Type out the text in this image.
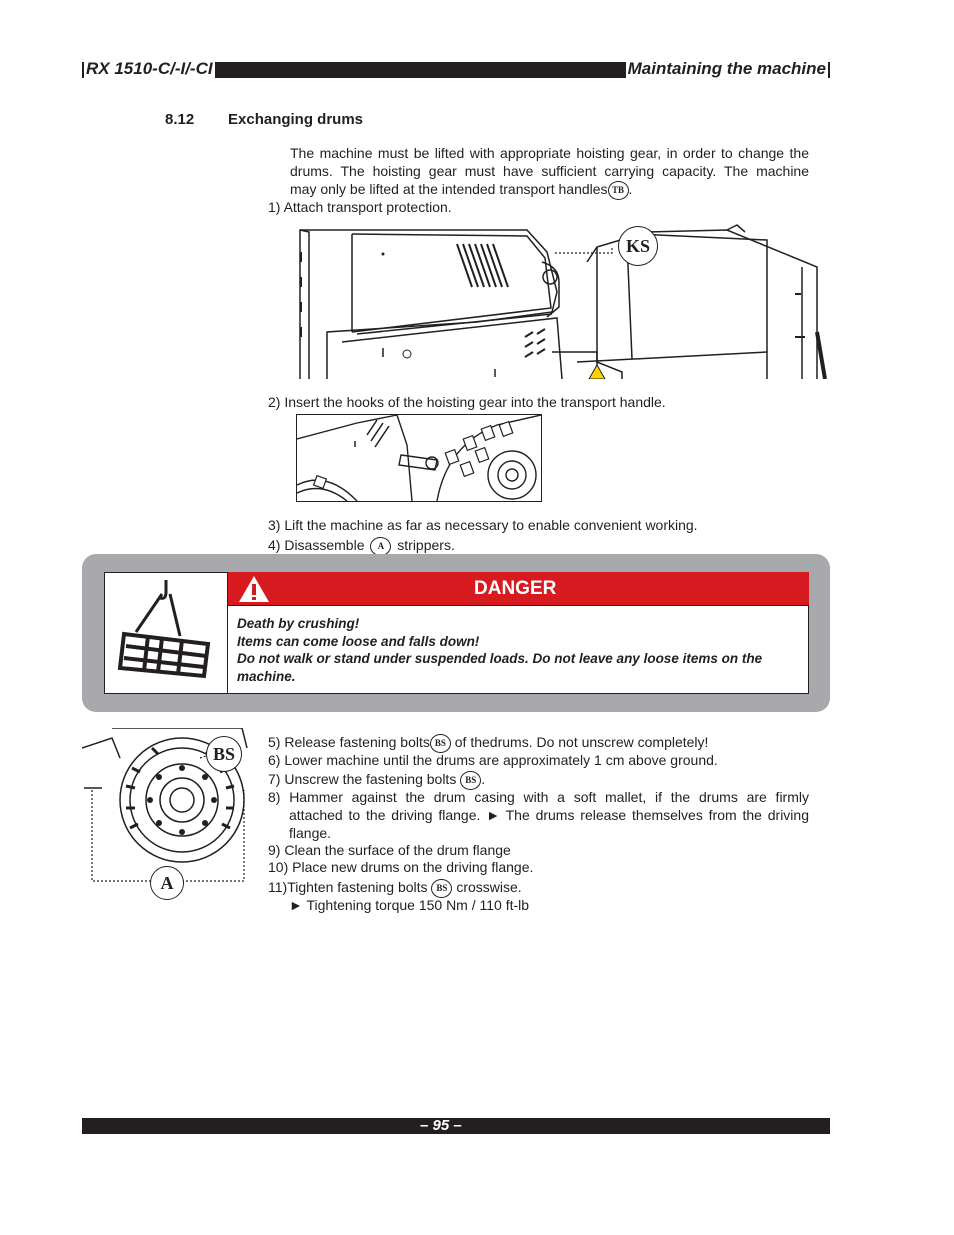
RX 1510-C/-I/-CI	Maintaining the machine
8.12 Exchanging drums
The machine must be lifted with appropriate hoisting gear, in order to change the
drums. The hoisting gear must have sufficient carrying capacity. The machine
may only be lifted at the intended transport handles TB .
1) Attach transport protection.
KS
2) Insert the hooks of the hoisting gear into the transport handle.
3) Lift the machine as far as necessary to enable convenient working.
4) Disassemble A strippers.
DANGER
Death by crushing!
Items can come loose and falls down!
Do not walk or stand under suspended loads. Do not leave any loose items on the machine.
BS
A
5) Release fastening bolts BS of thedrums. Do not unscrew completely!
6) Lower machine until the drums are approximately 1 cm above ground.
7) Unscrew the fastening bolts BS .
8) Hammer against the drum casing with a soft mallet, if the drums are firmly
attached to the driving flange. ► The drums release themselves from the driving
flange.
9) Clean the surface of the drum flange
10) Place new drums on the driving flange.
11)Tighten fastening bolts BS crosswise.
► Tightening torque 150 Nm / 110 ft-lb
– 95 –
